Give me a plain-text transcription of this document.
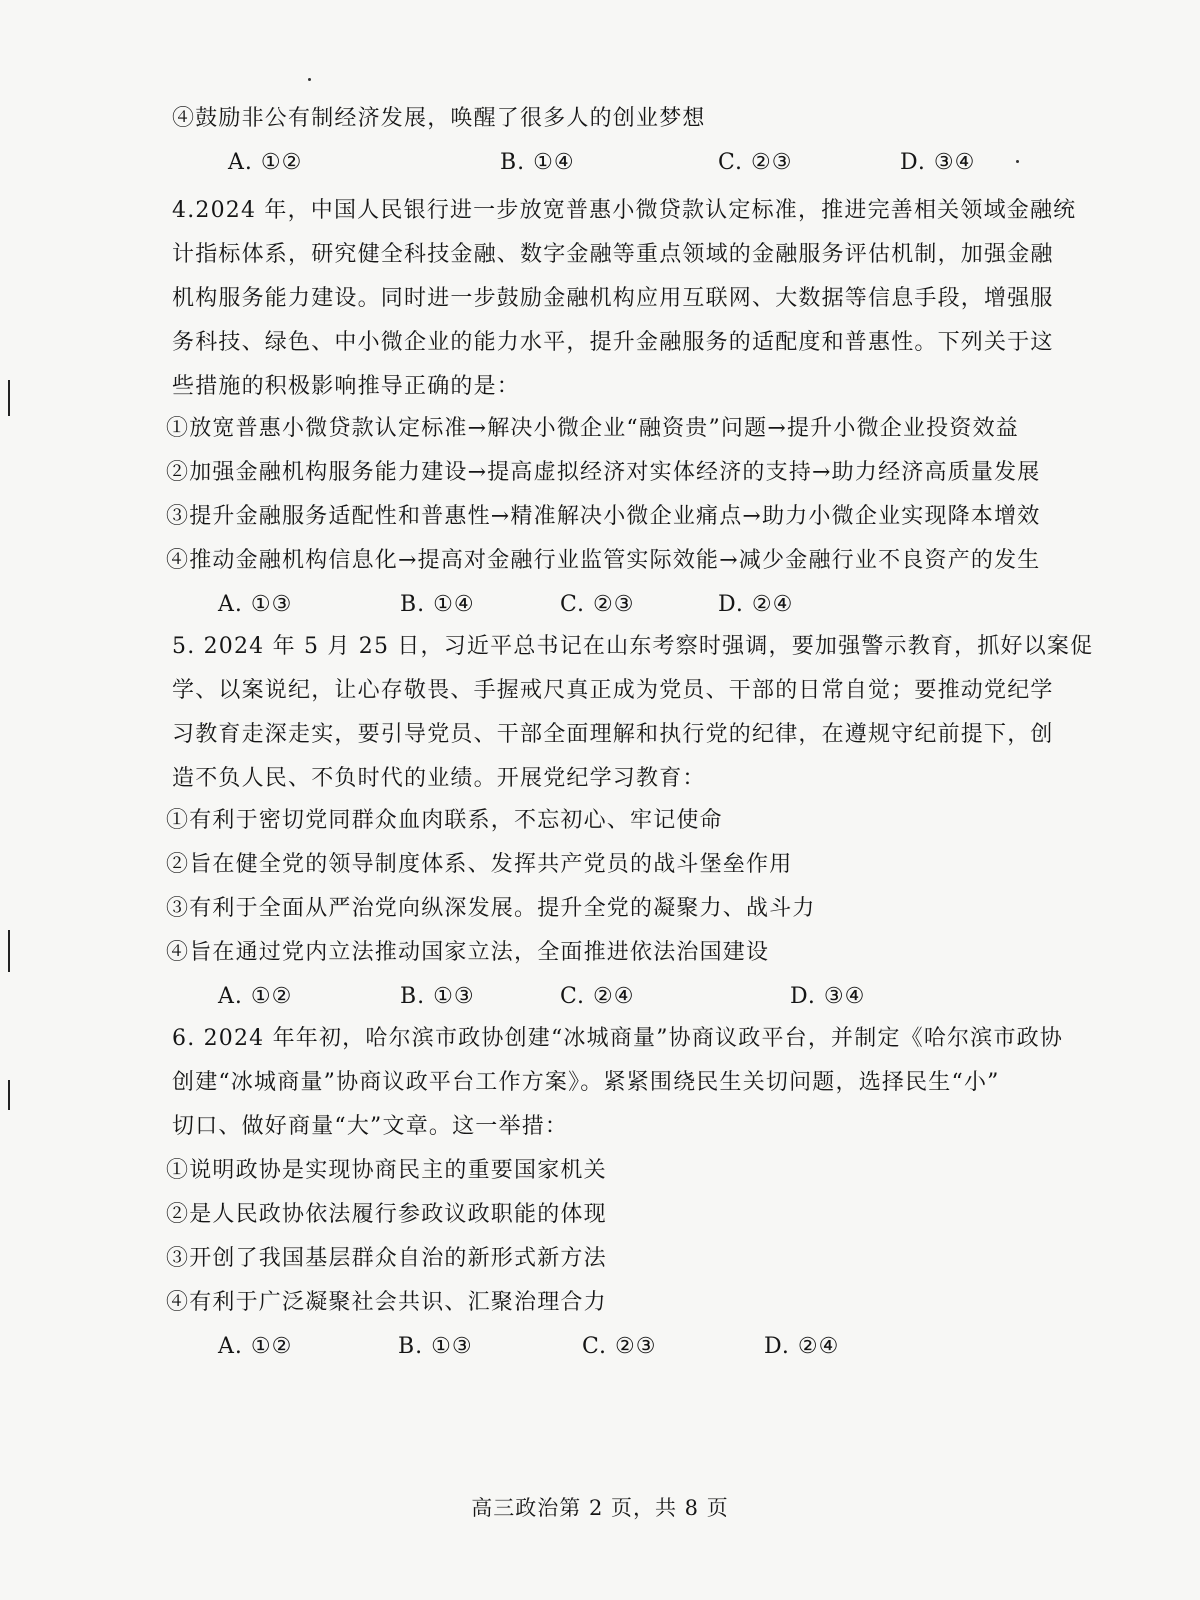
④鼓励非公有制经济发展，唤醒了很多人的创业梦想
A. ①②	B. ①④	C. ②③	D. ③④
4.2024 年，中国人民银行进一步放宽普惠小微贷款认定标准，推进完善相关领域金融统
计指标体系，研究健全科技金融、数字金融等重点领域的金融服务评估机制，加强金融
机构服务能力建设。同时进一步鼓励金融机构应用互联网、大数据等信息手段，增强服
务科技、绿色、中小微企业的能力水平，提升金融服务的适配度和普惠性。下列关于这
些措施的积极影响推导正确的是：
①放宽普惠小微贷款认定标准→解决小微企业“融资贵”问题→提升小微企业投资效益
②加强金融机构服务能力建设→提高虚拟经济对实体经济的支持→助力经济高质量发展
③提升金融服务适配性和普惠性→精准解决小微企业痛点→助力小微企业实现降本增效
④推动金融机构信息化→提高对金融行业监管实际效能→减少金融行业不良资产的发生
A. ①③	B. ①④	C. ②③	D. ②④
5. 2024 年 5 月 25 日，习近平总书记在山东考察时强调，要加强警示教育，抓好以案促
学、以案说纪，让心存敬畏、手握戒尺真正成为党员、干部的日常自觉；要推动党纪学
习教育走深走实，要引导党员、干部全面理解和执行党的纪律，在遵规守纪前提下，创
造不负人民、不负时代的业绩。开展党纪学习教育：
①有利于密切党同群众血肉联系，不忘初心、牢记使命
②旨在健全党的领导制度体系、发挥共产党员的战斗堡垒作用
③有利于全面从严治党向纵深发展。提升全党的凝聚力、战斗力
④旨在通过党内立法推动国家立法，全面推进依法治国建设
A. ①②	B. ①③	C. ②④	D. ③④
6. 2024 年年初，哈尔滨市政协创建“冰城商量”协商议政平台，并制定《哈尔滨市政协
创建“冰城商量”协商议政平台工作方案》。紧紧围绕民生关切问题，选择民生“小”
切口、做好商量“大”文章。这一举措：
①说明政协是实现协商民主的重要国家机关
②是人民政协依法履行参政议政职能的体现
③开创了我国基层群众自治的新形式新方法
④有利于广泛凝聚社会共识、汇聚治理合力
A. ①②	B. ①③	C. ②③	D. ②④
高三政治第 2 页，共 8 页
